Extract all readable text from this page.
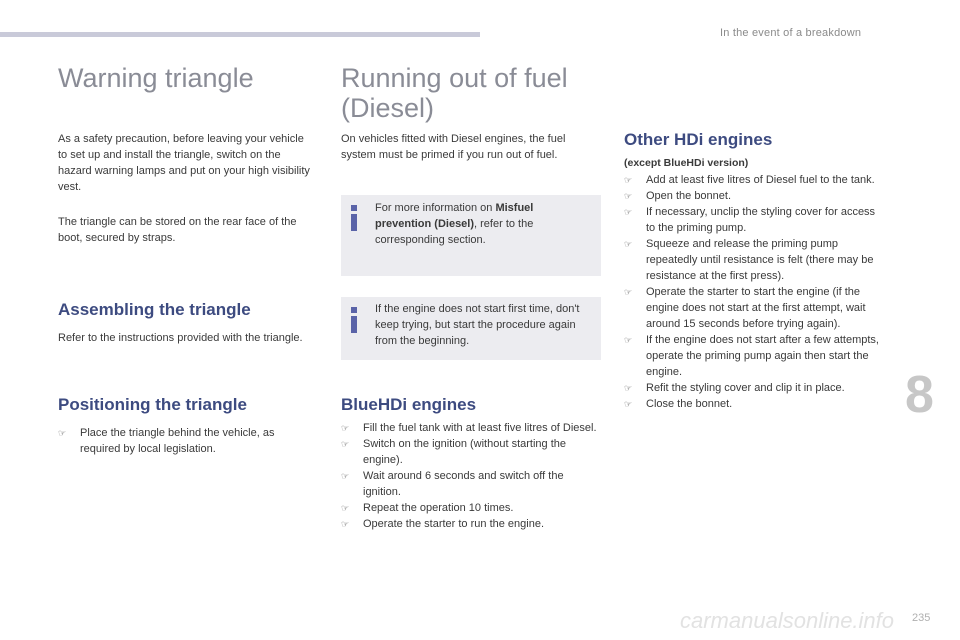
In the event of a breakdown
8
carmanualsonline.info 235
Warning triangle
As a safety precaution, before leaving your vehicle to set up and install the triangle, switch on the hazard warning lamps and put on your high visibility vest.
The triangle can be stored on the rear face of the boot, secured by straps.
Assembling the triangle
Refer to the instructions provided with the triangle.
Positioning the triangle
☞ Place the triangle behind the vehicle, as required by local legislation.
Running out of fuel
(Diesel)
On vehicles fitted with Diesel engines, the fuel system must be primed if you run out of fuel.
For more information on Misfuel prevention (Diesel), refer to the corresponding section.
If the engine does not start first time, don't keep trying, but start the procedure again from the beginning.
BlueHDi engines
☞ Fill the fuel tank with at least five litres of Diesel.
☞ Switch on the ignition (without starting the engine).
☞ Wait around 6 seconds and switch off the ignition.
☞ Repeat the operation 10 times.
☞ Operate the starter to run the engine.
Other HDi engines
(except BlueHDi version)
☞ Add at least five litres of Diesel fuel to the tank.
☞ Open the bonnet.
☞ If necessary, unclip the styling cover for access to the priming pump.
☞ Squeeze and release the priming pump repeatedly until resistance is felt (there may be resistance at the first press).
☞ Operate the starter to start the engine (if the engine does not start at the first attempt, wait around 15 seconds before trying again).
☞ If the engine does not start after a few attempts, operate the priming pump again then start the engine.
☞ Refit the styling cover and clip it in place.
☞ Close the bonnet.
